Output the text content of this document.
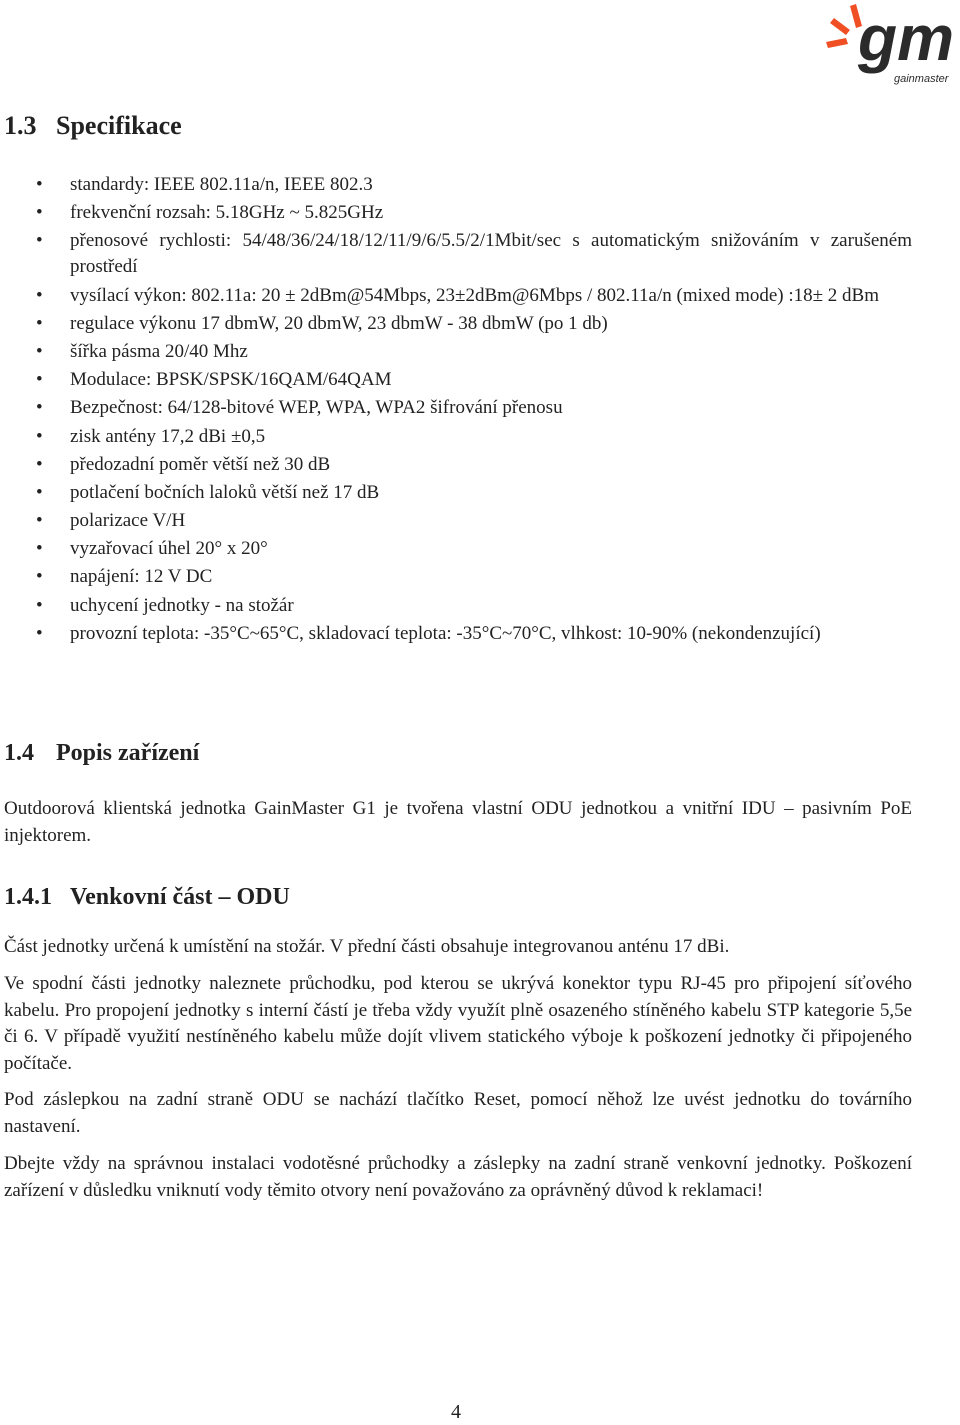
gm
gainmaster
1.3 Specifikace
• standardy: IEEE 802.11a/n, IEEE 802.3
• frekvenční rozsah: 5.18GHz ~ 5.825GHz
• přenosové rychlosti: 54/48/36/24/18/12/11/9/6/5.5/2/1Mbit/sec s automatickým snižováním v zarušeném prostředí
• vysílací výkon: 802.11a: 20 ± 2dBm@54Mbps, 23±2dBm@6Mbps / 802.11a/n (mixed mode) :18± 2 dBm
• regulace výkonu 17 dbmW, 20 dbmW, 23 dbmW - 38 dbmW (po 1 db)
• šířka pásma 20/40 Mhz
• Modulace: BPSK/SPSK/16QAM/64QAM
• Bezpečnost: 64/128-bitové WEP, WPA, WPA2 šifrování přenosu
• zisk antény 17,2 dBi ±0,5
• předozadní poměr větší než 30 dB
• potlačení bočních laloků větší než 17 dB
• polarizace V/H
• vyzařovací úhel 20° x 20°
• napájení: 12 V DC
• uchycení jednotky - na stožár
• provozní teplota: -35°C~65°C, skladovací teplota: -35°C~70°C, vlhkost: 10-90% (nekondenzující)
1.4 Popis zařízení

Outdoorová klientská jednotka GainMaster G1 je tvořena vlastní ODU jednotkou a vnitřní IDU – pasivním PoE injektorem.

1.4.1 Venkovní část – ODU

Část jednotky určená k umístění na stožár. V přední části obsahuje integrovanou anténu 17 dBi.

Ve spodní části jednotky naleznete průchodku, pod kterou se ukrývá konektor typu RJ-45 pro připojení síťového kabelu. Pro propojení jednotky s interní částí je třeba vždy využít plně osazeného stíněného kabelu STP kategorie 5,5e či 6. V případě využití nestíněného kabelu může dojít vlivem statického výboje k poškození jednotky či připojeného počítače.

Pod záslepkou na zadní straně ODU se nachází tlačítko Reset, pomocí něhož lze uvést jednotku do továrního nastavení.

Dbejte vždy na správnou instalaci vodotěsné průchodky a záslepky na zadní straně venkovní jednotky. Poškození zařízení v důsledku vniknutí vody těmito otvory není považováno za oprávněný důvod k reklamaci!

4
